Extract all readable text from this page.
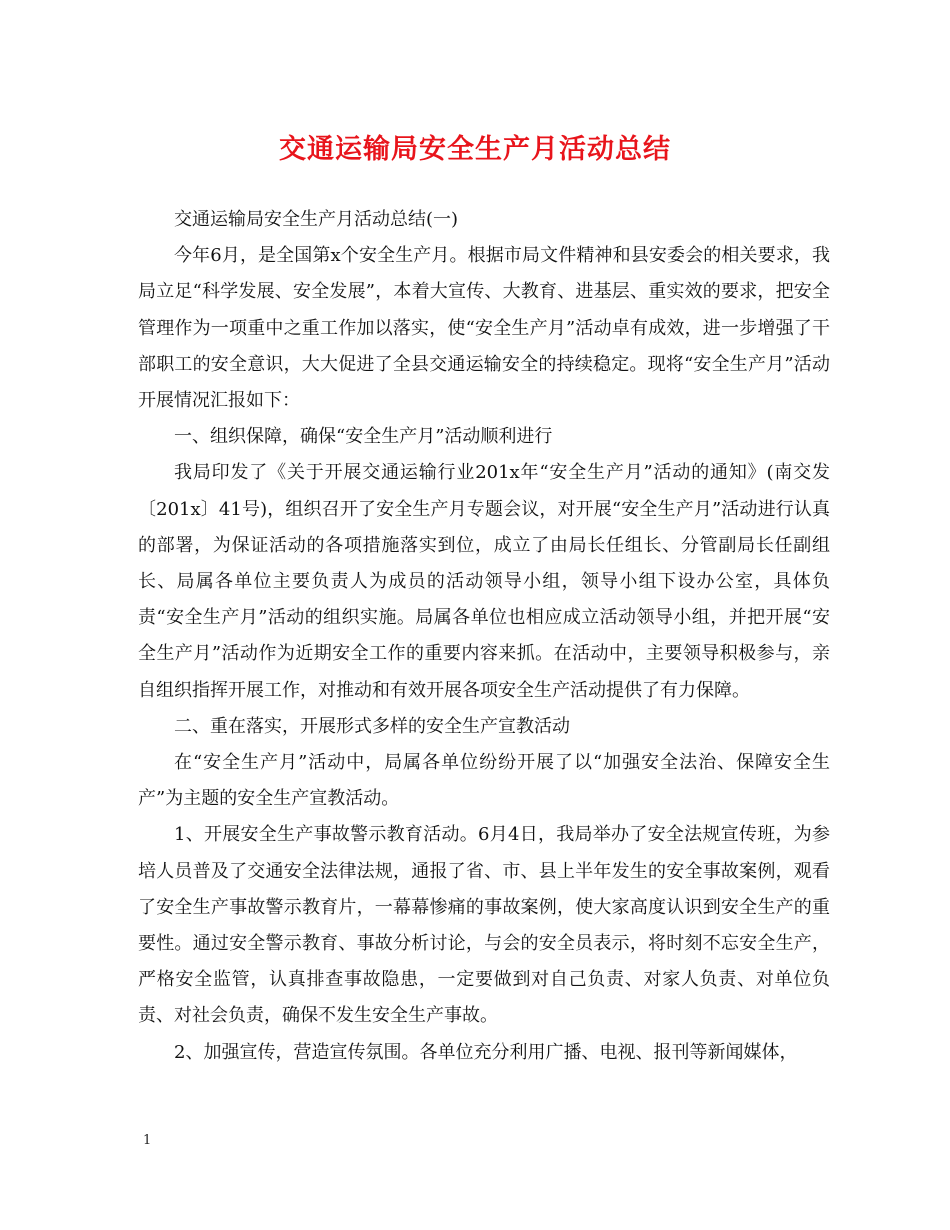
交通运输局安全生产月活动总结

交通运输局安全生产月活动总结(一)

今年6月，是全国第x个安全生产月。根据市局文件精神和县安委会的相关要求，我局立足“科学发展、安全发展”，本着大宣传、大教育、进基层、重实效的要求，把安全管理作为一项重中之重工作加以落实，使“安全生产月”活动卓有成效，进一步增强了干部职工的安全意识，大大促进了全县交通运输安全的持续稳定。现将“安全生产月”活动开展情况汇报如下：

一、组织保障，确保“安全生产月”活动顺利进行

我局印发了《关于开展交通运输行业201x年“安全生产月”活动的通知》(南交发〔201x〕41号)，组织召开了安全生产月专题会议，对开展“安全生产月”活动进行认真的部署，为保证活动的各项措施落实到位，成立了由局长任组长、分管副局长任副组长、局属各单位主要负责人为成员的活动领导小组，领导小组下设办公室，具体负责“安全生产月”活动的组织实施。局属各单位也相应成立活动领导小组，并把开展“安全生产月”活动作为近期安全工作的重要内容来抓。在活动中，主要领导积极参与，亲自组织指挥开展工作，对推动和有效开展各项安全生产活动提供了有力保障。

二、重在落实，开展形式多样的安全生产宣教活动

在“安全生产月”活动中，局属各单位纷纷开展了以“加强安全法治、保障安全生产”为主题的安全生产宣教活动。

1、开展安全生产事故警示教育活动。6月4日，我局举办了安全法规宣传班，为参培人员普及了交通安全法律法规，通报了省、市、县上半年发生的安全事故案例，观看了安全生产事故警示教育片，一幕幕惨痛的事故案例，使大家高度认识到安全生产的重要性。通过安全警示教育、事故分析讨论，与会的安全员表示，将时刻不忘安全生产，严格安全监管，认真排查事故隐患，一定要做到对自己负责、对家人负责、对单位负责、对社会负责，确保不发生安全生产事故。

2、加强宣传，营造宣传氛围。各单位充分利用广播、电视、报刊等新闻媒体，

1
